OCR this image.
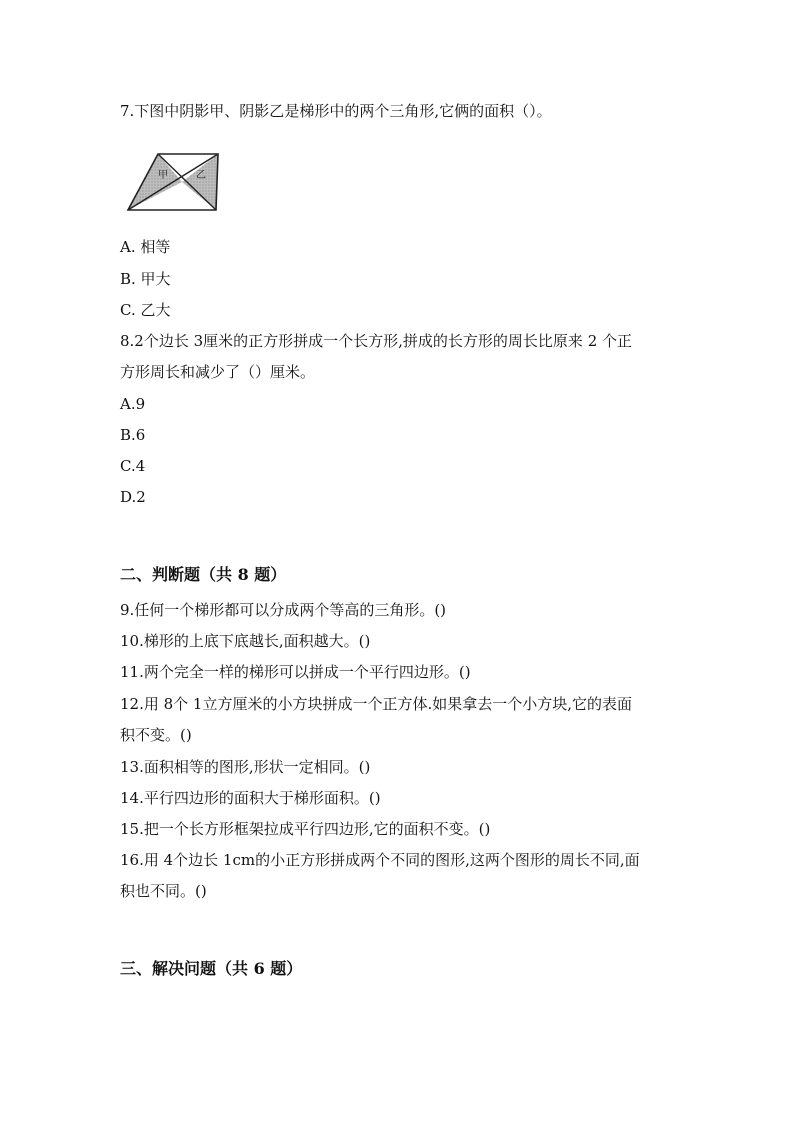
7.下图中阴影甲、阴影乙是梯形中的两个三角形,它俩的面积（）。
甲	乙
A. 相等
B. 甲大
C. 乙大
8.2个边长 3厘米的正方形拼成一个长方形,拼成的长方形的周长比原来 2 个正
方形周长和减少了（）厘米。
A.9
B.6
C.4
D.2
二、判断题（共 8 题）
9.任何一个梯形都可以分成两个等高的三角形。()
10.梯形的上底下底越长,面积越大。()
11.两个完全一样的梯形可以拼成一个平行四边形。()
12.用 8个 1立方厘米的小方块拼成一个正方体.如果拿去一个小方块,它的表面
积不变。()
13.面积相等的图形,形状一定相同。()
14.平行四边形的面积大于梯形面积。()
15.把一个长方形框架拉成平行四边形,它的面积不变。()
16.用 4个边长 1cm的小正方形拼成两个不同的图形,这两个图形的周长不同,面
积也不同。()
三、解决问题（共 6 题）
